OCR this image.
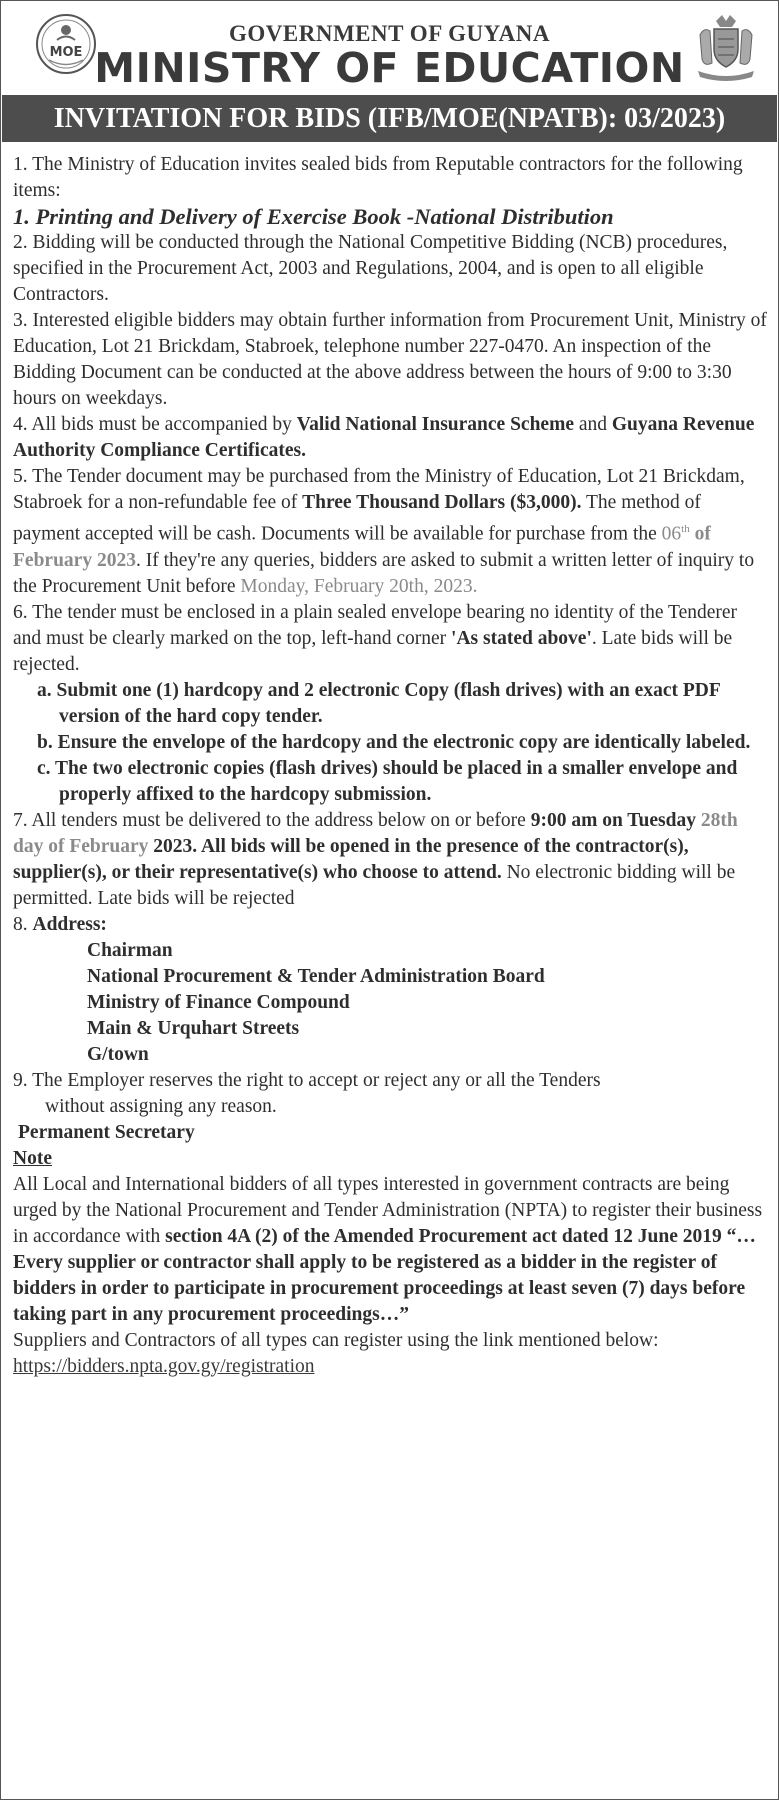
MOE
GOVERNMENT OF GUYANA
MINISTRY OF EDUCATION
INVITATION FOR BIDS (IFB/MOE(NPATB): 03/2023)

1. The Ministry of Education invites sealed bids from Reputable contractors for the following items:

1. Printing and Delivery of Exercise Book -National Distribution

2. Bidding will be conducted through the National Competitive Bidding (NCB) procedures, specified in the Procurement Act, 2003 and Regulations, 2004, and is open to all eligible Contractors.

3. Interested eligible bidders may obtain further information from Procurement Unit, Ministry of Education, Lot 21 Brickdam, Stabroek, telephone number 227-0470. An inspection of the Bidding Document can be conducted at the above address between the hours of 9:00 to 3:30 hours on weekdays.

4. All bids must be accompanied by Valid National Insurance Scheme and Guyana Revenue Authority Compliance Certificates.

5. The Tender document may be purchased from the Ministry of Education, Lot 21 Brickdam, Stabroek for a non-refundable fee of Three Thousand Dollars ($3,000). The method of payment accepted will be cash. Documents will be available for purchase from the 06th of February 2023. If they're any queries, bidders are asked to submit a written letter of inquiry to the Procurement Unit before Monday, February 20th, 2023.

6. The tender must be enclosed in a plain sealed envelope bearing no identity of the Tenderer and must be clearly marked on the top, left-hand corner 'As stated above'. Late bids will be rejected.

a. Submit one (1) hardcopy and 2 electronic Copy (flash drives) with an exact PDF version of the hard copy tender.

b. Ensure the envelope of the hardcopy and the electronic copy are identically labeled.

c. The two electronic copies (flash drives) should be placed in a smaller envelope and properly affixed to the hardcopy submission.

7. All tenders must be delivered to the address below on or before 9:00 am on Tuesday 28th day of February 2023. All bids will be opened in the presence of the contractor(s), supplier(s), or their representative(s) who choose to attend. No electronic bidding will be permitted. Late bids will be rejected

8. Address:

Chairman

National Procurement & Tender Administration Board

Ministry of Finance Compound

Main & Urquhart Streets

G/town

9. The Employer reserves the right to accept or reject any or all the Tenders

without assigning any reason.

Permanent Secretary

Note

All Local and International bidders of all types interested in government contracts are being urged by the National Procurement and Tender Administration (NPTA) to register their business in accordance with section 4A (2) of the Amended Procurement act dated 12 June 2019 “…Every supplier or contractor shall apply to be registered as a bidder in the register of bidders in order to participate in procurement proceedings at least seven (7) days before taking part in any procurement proceedings…”

Suppliers and Contractors of all types can register using the link mentioned below: https://bidders.npta.gov.gy/registration
